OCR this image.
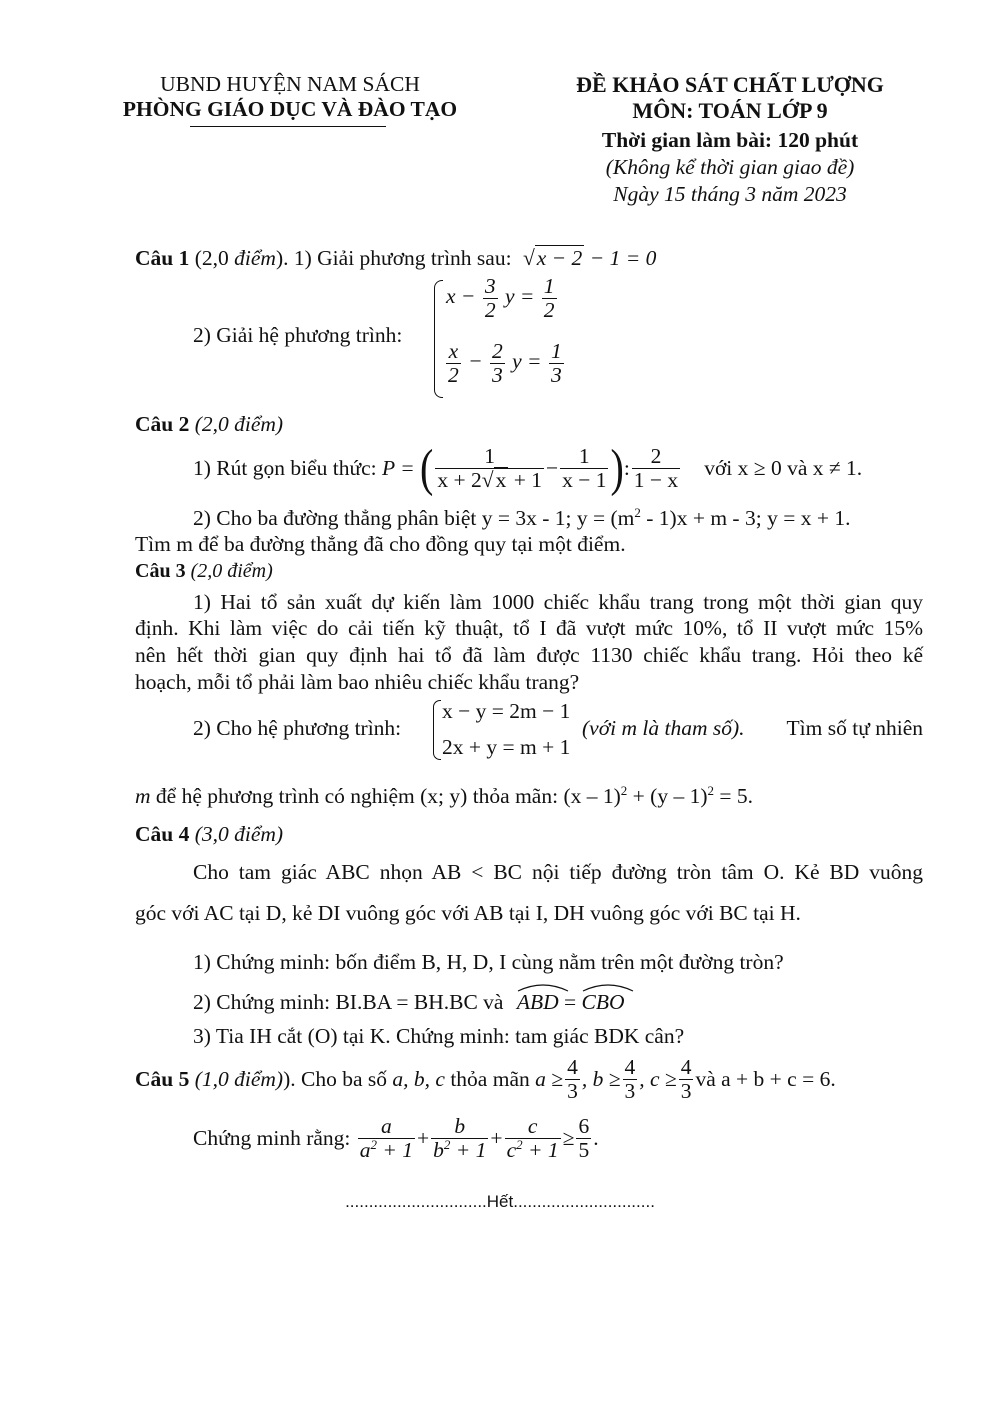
UBND HUYỆN NAM SÁCH
PHÒNG GIÁO DỤC VÀ ĐÀO TẠO
ĐỀ KHẢO SÁT CHẤT LƯỢNG
MÔN: TOÁN LỚP 9
Thời gian làm bài: 120 phút
(Không kể thời gian giao đề)
Ngày 15 tháng 3 năm 2023
Câu 1 (2,0 điểm). 1) Giải phương trình sau: √x − 2 − 1 = 0
2) Giải hệ phương trình:
$x - \frac{3}{2}$ $y = \frac{1}{2}$
$\frac{x}{2} - \frac{2}{3}$ $y = \frac{1}{3}$
Câu 2 (2,0 điểm)
1) Rút gọn biểu thức:
P =
( $\frac{1}{x + 2√x + 1} - \frac{1}{x - 1}$ ) : $\frac{2}{1 - x}$ với x ≥ 0 và x ≠ 1.
2) Cho ba đường thẳng phân biệt y = 3x - 1; $y = (m^2 - 1)x + m - 3$; y = x + 1.
Tìm m để ba đường thẳng đã cho đồng quy tại một điểm.
Câu 3 (2,0 điểm)
1) Hai tổ sản xuất dự kiến làm 1000 chiếc khẩu trang trong một thời gian quy
định. Khi làm việc do cải tiến kỹ thuật, tổ I đã vượt mức 10%, tổ II vượt mức 15%
nên hết thời gian quy định hai tổ đã làm được 1130 chiếc khẩu trang. Hỏi theo kế
hoạch, mỗi tổ phải làm bao nhiêu chiếc khẩu trang?
2) Cho hệ phương trình:
x − y = 2m − 1
2x + y = m + 1
(với m là tham số). Tìm số tự nhiên
m để hệ phương trình có nghiệm (x; y) thỏa mãn: (x – 1)$^2$ + (y – 1)$^2$ = 5.
Câu 4 (3,0 điểm)
Cho tam giác ABC nhọn AB < BC nội tiếp đường tròn tâm O. Kẻ BD vuông
góc với AC tại D, kẻ DI vuông góc với AB tại I, DH vuông góc với BC tại H.
1) Chứng minh: bốn điểm B, H, D, I cùng nằm trên một đường tròn?
2) Chứng minh: BI.BA = BH.BC và ABD = CBO
3) Tia IH cắt (O) tại K. Chứng minh: tam giác BDK cân?
Câu 5
(1,0 điểm) ). Cho ba số
a, b, c
thỏa mãn
$a \ge \frac{4}{3}$ , $b \ge \frac{4}{3}$ , $c \ge \frac{4}{3}$ và a + b + c = 6.
Chứng minh rằng:
$\frac{a}{a^2 + 1} + \frac{b}{b^2 + 1} + \frac{c}{c^2 + 1} \ge \frac{6}{5}$ .
..............................Hết..............................
